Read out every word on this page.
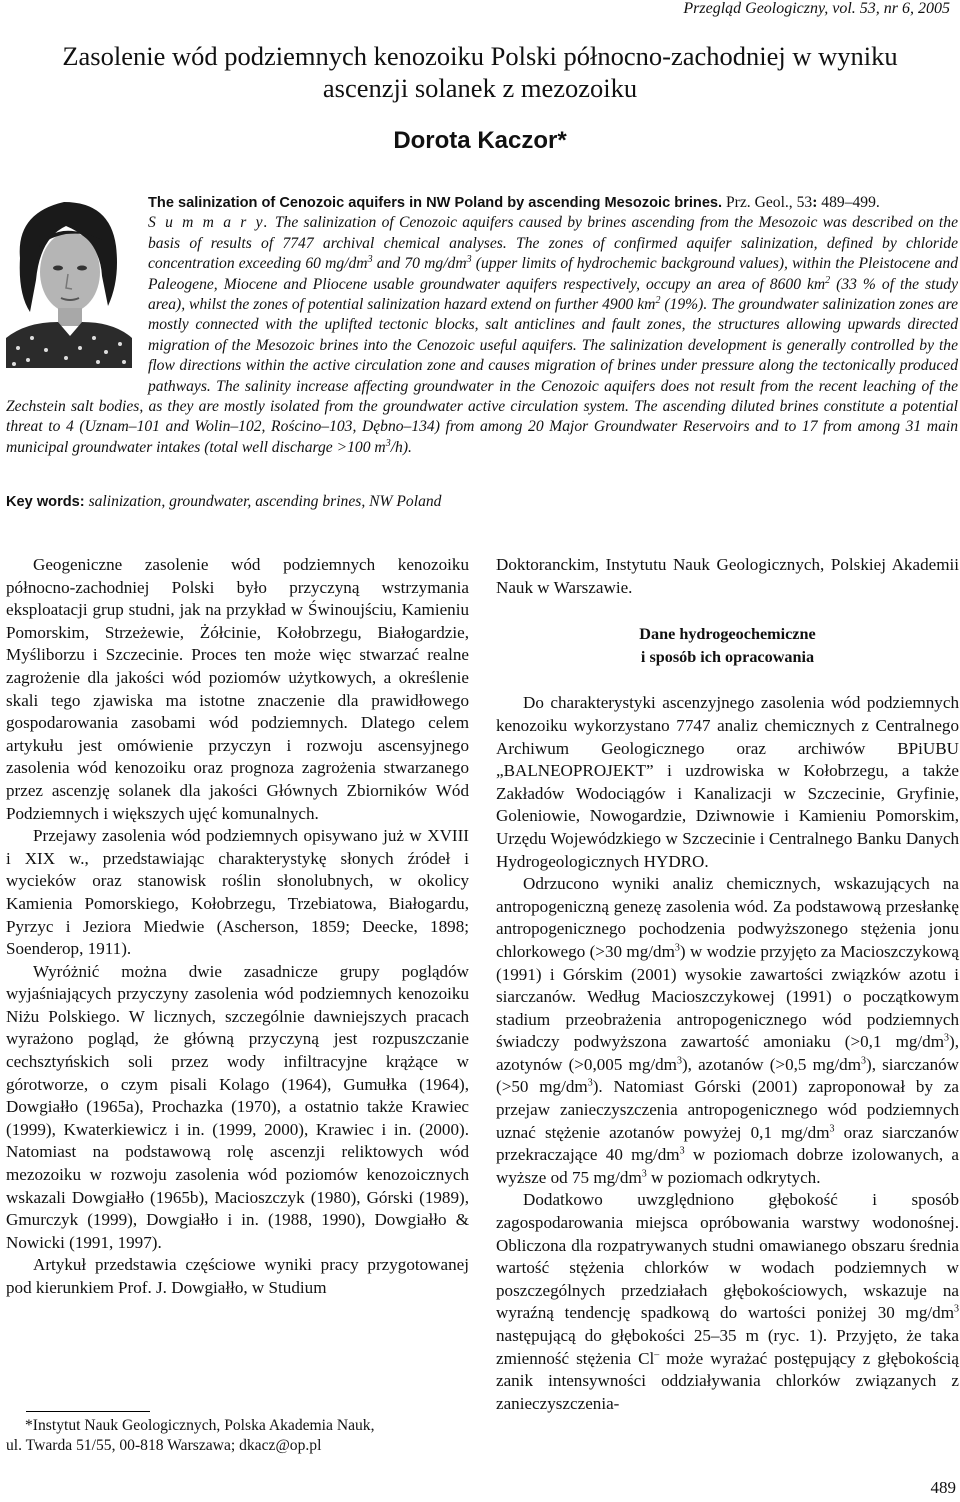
Przegląd Geologiczny, vol. 53, nr 6, 2005
Zasolenie wód podziemnych kenozoiku Polski północno-zachodniej w wyniku
ascenzji solanek z mezozoiku
Dorota Kaczor*

The salinization of Cenozoic aquifers in NW Poland by ascending Mesozoic brines. Prz. Geol., 53: 489–499.

S u m m a r y. The salinization of Cenozoic aquifers caused by brines ascending from the Mesozoic was described on the basis of results of 7747 archival chemical analyses. The zones of confirmed aquifer salinization, defined by chloride concentration exceeding 60 $mg/dm^3$ and 70 $mg/dm^3$ (upper limits of hydrochemic background values), within the Pleistocene and Paleogene, Miocene and Pliocene usable groundwater aquifers respectively, occupy an area of 8600 $km^2$ (33 % of the study area), whilst the zones of potential salinization hazard extend on further 4900 $km^2$ (19%). The groundwater salinization zones are mostly connected with the uplifted tectonic blocks, salt anticlines and fault zones, the structures allowing upwards directed migration of the Mesozoic brines into the Cenozoic useful aquifers. The salinization development is generally controlled by the flow directions within the active circulation zone and causes migration of brines under pressure along the tectonically produced pathways. The salinity increase affecting groundwater in the Cenozoic aquifers does not result from the recent leaching of the Zechstein salt bodies, as they are mostly isolated from the groundwater active circulation system. The ascending diluted brines constitute a potential threat to 4 (Uznam–101 and Wolin–102, Rościno–103, Dębno–134) from among 20 Major Groundwater Reservoirs and to 17 from among 31 main municipal groundwater intakes (total well discharge >100 $m^3/h$).

Key words: salinization, groundwater, ascending brines, NW Poland

Geogeniczne zasolenie wód podziemnych kenozoiku północno-zachodniej Polski było przyczyną wstrzymania eksploatacji grup studni, jak na przykład w Świnoujściu, Kamieniu Pomorskim, Strzeżewie, Żółcinie, Kołobrzegu, Białogardzie, Myśliborzu i Szczecinie. Proces ten może więc stwarzać realne zagrożenie dla jakości wód poziomów użytkowych, a określenie skali tego zjawiska ma istotne znaczenie dla prawidłowego gospodarowania zasobami wód podziemnych. Dlatego celem artykułu jest omówienie przyczyn i rozwoju ascensyjnego zasolenia wód kenozoiku oraz prognoza zagrożenia stwarzanego przez ascenzję solanek dla jakości Głównych Zbiorników Wód Podziemnych i większych ujęć komunalnych.

Przejawy zasolenia wód podziemnych opisywano już w XVIII i XIX w., przedstawiając charakterystykę słonych źródeł i wycieków oraz stanowisk roślin słonolubnych, w okolicy Kamienia Pomorskiego, Kołobrzegu, Trzebiatowa, Białogardu, Pyrzyc i Jeziora Miedwie (Ascherson, 1859; Deecke, 1898; Soenderop, 1911).

Wyróżnić można dwie zasadnicze grupy poglądów wyjaśniających przyczyny zasolenia wód podziemnych kenozoiku Niżu Polskiego. W licznych, szczególnie dawniejszych pracach wyrażono pogląd, że główną przyczyną jest rozpuszczanie cechsztyńskich soli przez wody infiltracyjne krążące w górotworze, o czym pisali Kolago (1964), Gumułka (1964), Dowgiałło (1965a), Prochazka (1970), a ostatnio także Krawiec (1999), Kwaterkiewicz i in. (1999, 2000), Krawiec i in. (2000). Natomiast na podstawową rolę ascenzji reliktowych wód mezozoiku w rozwoju zasolenia wód poziomów kenozoicznych wskazali Dowgiałło (1965b), Macioszczyk (1980), Górski (1989), Gmurczyk (1999), Dowgiałło i in. (1988, 1990), Dowgiałło & Nowicki (1991, 1997).

Artykuł przedstawia częściowe wyniki pracy przygotowanej pod kierunkiem Prof. J. Dowgiałło, w Studium

*Instytut Nauk Geologicznych, Polska Akademia Nauk,
ul. Twarda 51/55, 00-818 Warszawa; dkacz@op.pl

Doktoranckim, Instytutu Nauk Geologicznych, Polskiej Akademii Nauk w Warszawie.

Dane hydrogeochemiczne
i sposób ich opracowania

Do charakterystyki ascenzyjnego zasolenia wód podziemnych kenozoiku wykorzystano 7747 analiz chemicznych z Centralnego Archiwum Geologicznego oraz archiwów BPiUBU „BALNEOPROJEKT” i uzdrowiska w Kołobrzegu, a także Zakładów Wodociągów i Kanalizacji w Szczecinie, Gryfinie, Goleniowie, Nowogardzie, Dziwnowie i Kamieniu Pomorskim, Urzędu Wojewódzkiego w Szczecinie i Centralnego Banku Danych Hydrogeologicznych HYDRO.

Odrzucono wyniki analiz chemicznych, wskazujących na antropogeniczną genezę zasolenia wód. Za podstawową przesłankę antropogenicznego pochodzenia podwyższonego stężenia jonu chlorkowego (>30 $mg/dm^3$) w wodzie przyjęto za Macioszczykową (1991) i Górskim (2001) wysokie zawartości związków azotu i siarczanów. Według Macioszczykowej (1991) o początkowym stadium przeobrażenia antropogenicznego wód podziemnych świadczy podwyższona zawartość amoniaku (>0,1 $mg/dm^3$), azotynów (>0,005 $mg/dm^3$), azotanów (>0,5 $mg/dm^3$), siarczanów (>50 $mg/dm^3$). Natomiast Górski (2001) zaproponował by za przejaw zanieczyszczenia antropogenicznego wód podziemnych uznać stężenie azotanów powyżej 0,1 $mg/dm^3$ oraz siarczanów przekraczające 40 $mg/dm^3$ w poziomach dobrze izolowanych, a wyższe od 75 $mg/dm^3$ w poziomach odkrytych.

Dodatkowo uwzględniono głębokość i sposób zagospodarowania miejsca opróbowania warstwy wodonośnej. Obliczona dla rozpatrywanych studni omawianego obszaru średnia wartość stężenia chlorków w wodach podziemnych w poszczególnych przedziałach głębokościowych, wskazuje na wyraźną tendencję spadkową do wartości poniżej 30 $mg/dm^3$ następującą do głębokości 25–35 m (ryc. 1). Przyjęto, że taka zmienność stężenia Cl– może wyrażać postępujący z głębokością zanik intensywności oddziaływania chlorków związanych z zanieczyszczenia-

489
